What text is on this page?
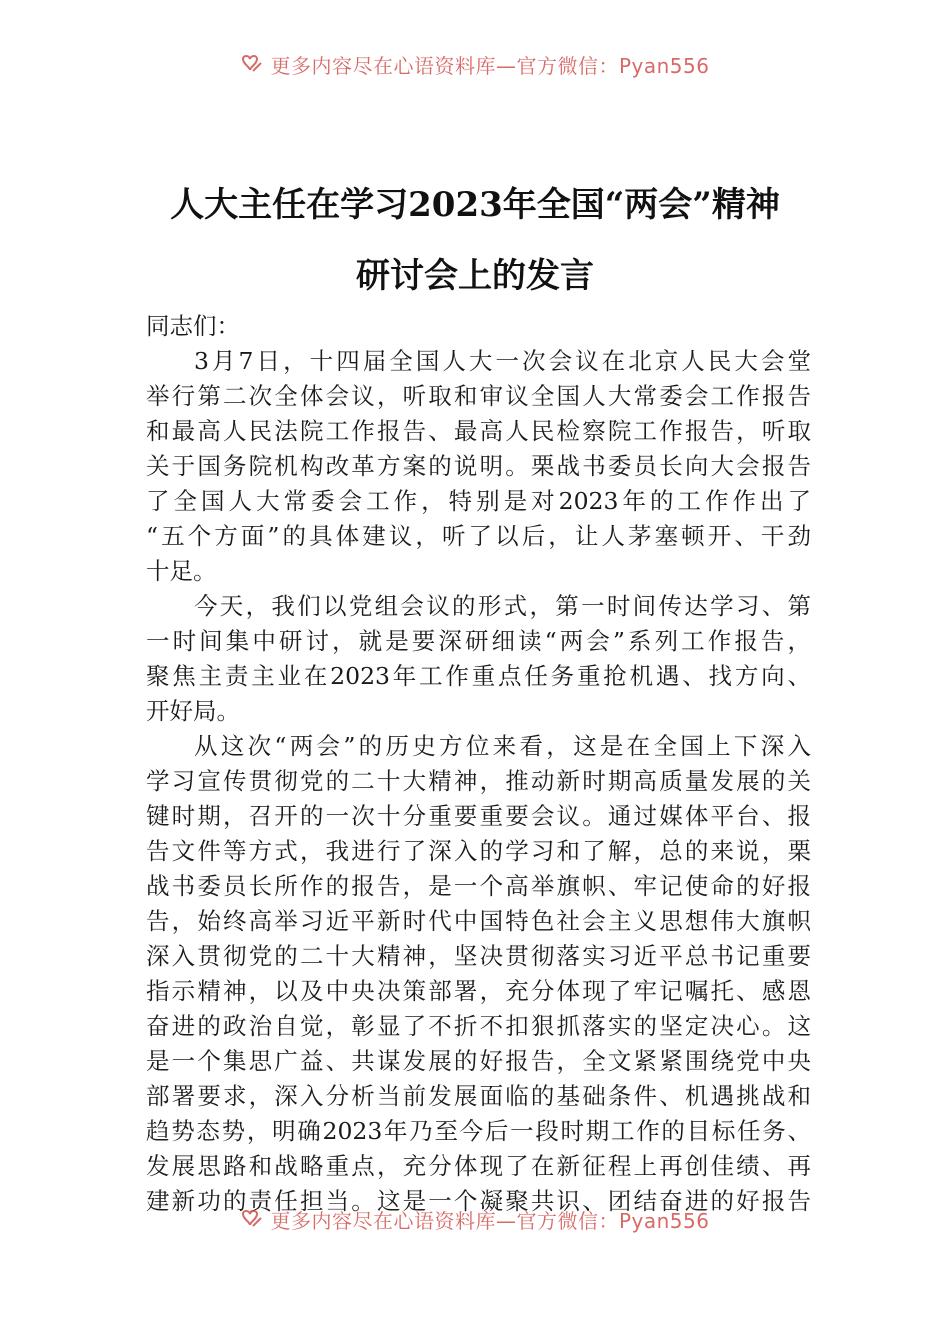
更多内容尽在心语资料库—官方微信：Pyan556
人大主任在学习2023年全国“两会”精神
研讨会上的发言
同志们：
3月7日，十四届全国人大一次会议在北京人民大会堂
举行第二次全体会议，听取和审议全国人大常委会工作报告
和最高人民法院工作报告、最高人民检察院工作报告，听取
关于国务院机构改革方案的说明。栗战书委员长向大会报告
了全国人大常委会工作，特别是对2023年的工作作出了
“五个方面”的具体建议，听了以后，让人茅塞顿开、干劲
十足。
今天，我们以党组会议的形式，第一时间传达学习、第
一时间集中研讨，就是要深研细读“两会”系列工作报告，
聚焦主责主业在2023年工作重点任务重抢机遇、找方向、
开好局。
从这次“两会”的历史方位来看，这是在全国上下深入
学习宣传贯彻党的二十大精神，推动新时期高质量发展的关
键时期，召开的一次十分重要重要会议。通过媒体平台、报
告文件等方式，我进行了深入的学习和了解，总的来说，栗
战书委员长所作的报告，是一个高举旗帜、牢记使命的好报
告，始终高举习近平新时代中国特色社会主义思想伟大旗帜
深入贯彻党的二十大精神，坚决贯彻落实习近平总书记重要
指示精神，以及中央决策部署，充分体现了牢记嘱托、感恩
奋进的政治自觉，彰显了不折不扣狠抓落实的坚定决心。这
是一个集思广益、共谋发展的好报告，全文紧紧围绕党中央
部署要求，深入分析当前发展面临的基础条件、机遇挑战和
趋势态势，明确2023年乃至今后一段时期工作的目标任务、
发展思路和战略重点，充分体现了在新征程上再创佳绩、再
建新功的责任担当。这是一个凝聚共识、团结奋进的好报告
更多内容尽在心语资料库—官方微信：Pyan556
